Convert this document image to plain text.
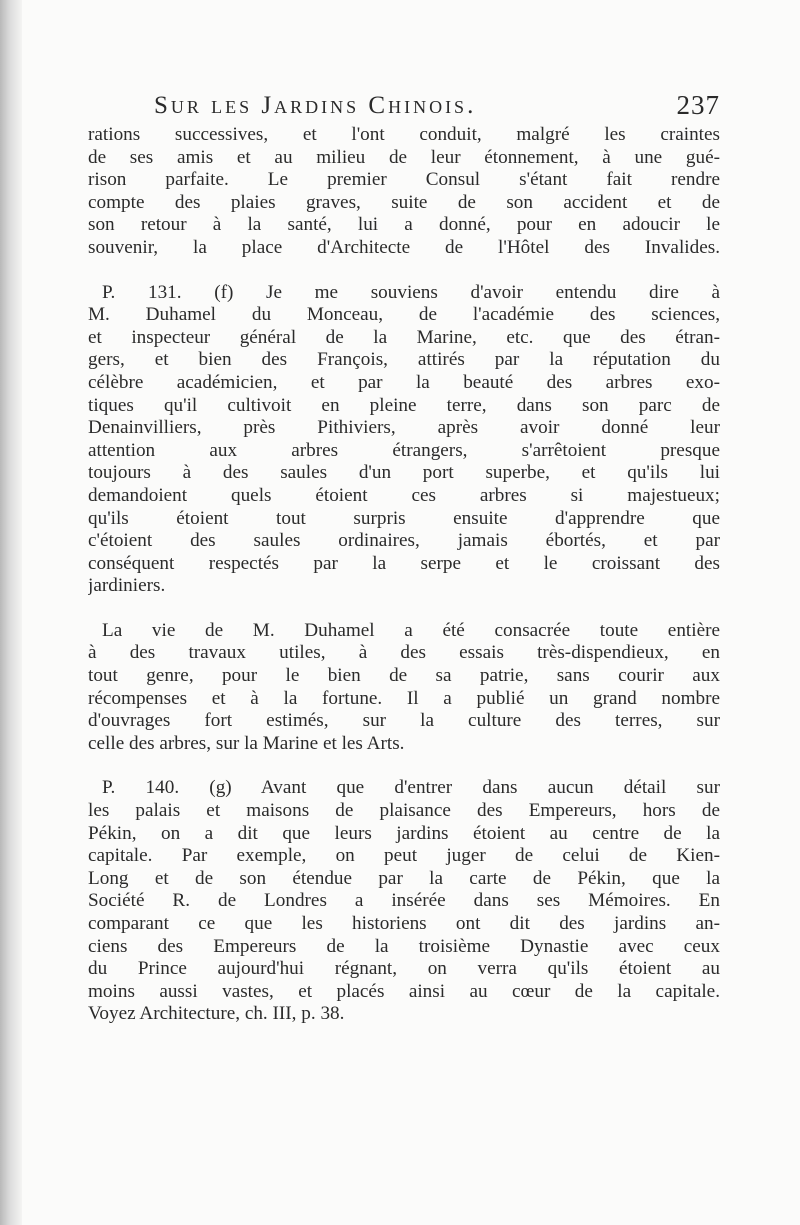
Sur les Jardins Chinois.	237
rations successives, et l'ont conduit, malgré les craintes
de ses amis et au milieu de leur étonnement, à une gué-
rison parfaite. Le premier Consul s'étant fait rendre
compte des plaies graves, suite de son accident et de
son retour à la santé, lui a donné, pour en adoucir le
souvenir, la place d'Architecte de l'Hôtel des Invalides.
P. 131. (f) Je me souviens d'avoir entendu dire à
M. Duhamel du Monceau, de l'académie des sciences,
et inspecteur général de la Marine, etc. que des étran-
gers, et bien des François, attirés par la réputation du
célèbre académicien, et par la beauté des arbres exo-
tiques qu'il cultivoit en pleine terre, dans son parc de
Denainvilliers, près Pithiviers, après avoir donné leur
attention aux arbres étrangers, s'arrêtoient presque
toujours à des saules d'un port superbe, et qu'ils lui
demandoient quels étoient ces arbres si majestueux;
qu'ils étoient tout surpris ensuite d'apprendre que
c'étoient des saules ordinaires, jamais ébortés, et par
conséquent respectés par la serpe et le croissant des
jardiniers.
La vie de M. Duhamel a été consacrée toute entière
à des travaux utiles, à des essais très-dispendieux, en
tout genre, pour le bien de sa patrie, sans courir aux
récompenses et à la fortune. Il a publié un grand nombre
d'ouvrages fort estimés, sur la culture des terres, sur
celle des arbres, sur la Marine et les Arts.
P. 140. (g) Avant que d'entrer dans aucun détail sur
les palais et maisons de plaisance des Empereurs, hors de
Pékin, on a dit que leurs jardins étoient au centre de la
capitale. Par exemple, on peut juger de celui de Kien-
Long et de son étendue par la carte de Pékin, que la
Société R. de Londres a insérée dans ses Mémoires. En
comparant ce que les historiens ont dit des jardins an-
ciens des Empereurs de la troisième Dynastie avec ceux
du Prince aujourd'hui régnant, on verra qu'ils étoient au
moins aussi vastes, et placés ainsi au cœur de la capitale.
Voyez Architecture, ch. III, p. 38.
